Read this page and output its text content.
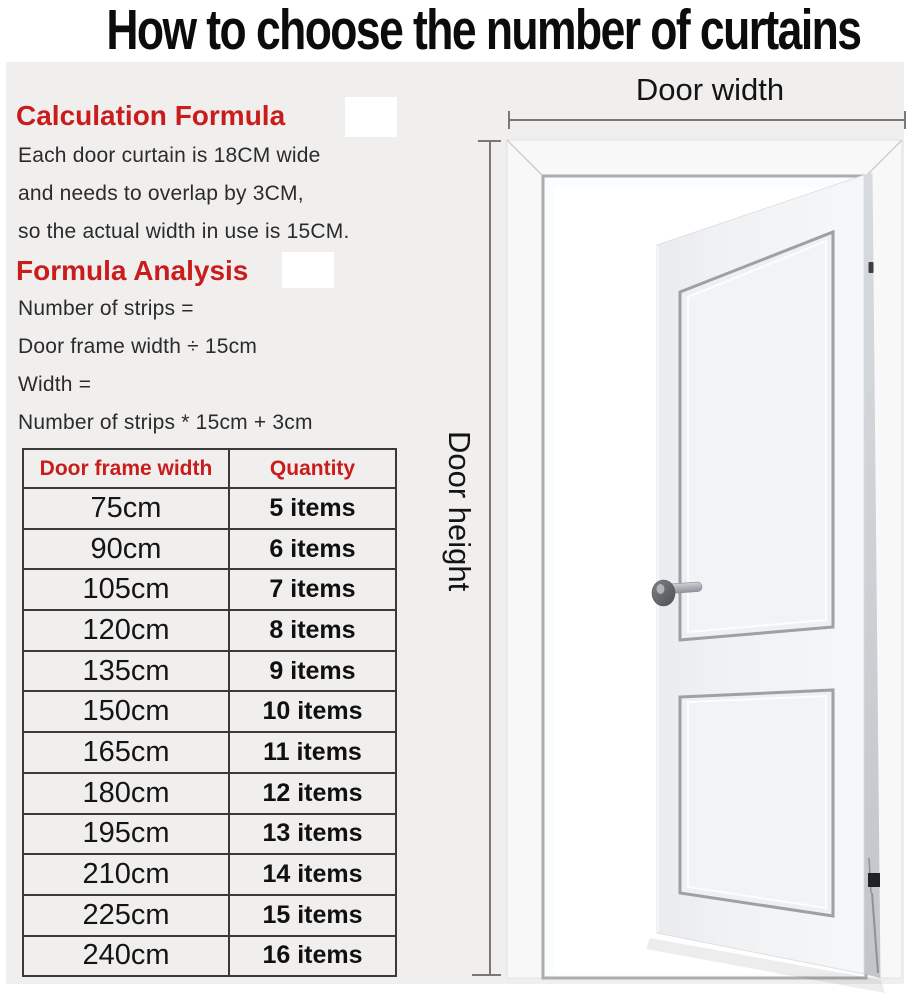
How to choose the number of curtains
Calculation Formula
Each door curtain is 18CM wide
and needs to overlap by 3CM,
so the actual width in use is 15CM.
Formula Analysis
Number of strips =
Door frame width ÷ 15cm
Width =
Number of strips * 15cm + 3cm
Door frame width	Quantity
75cm	5 items
90cm	6 items
105cm	7 items
120cm	8 items
135cm	9 items
150cm	10 items
165cm	11 items
180cm	12 items
195cm	13 items
210cm	14 items
225cm	15 items
240cm	16 items
Door width
Door height
